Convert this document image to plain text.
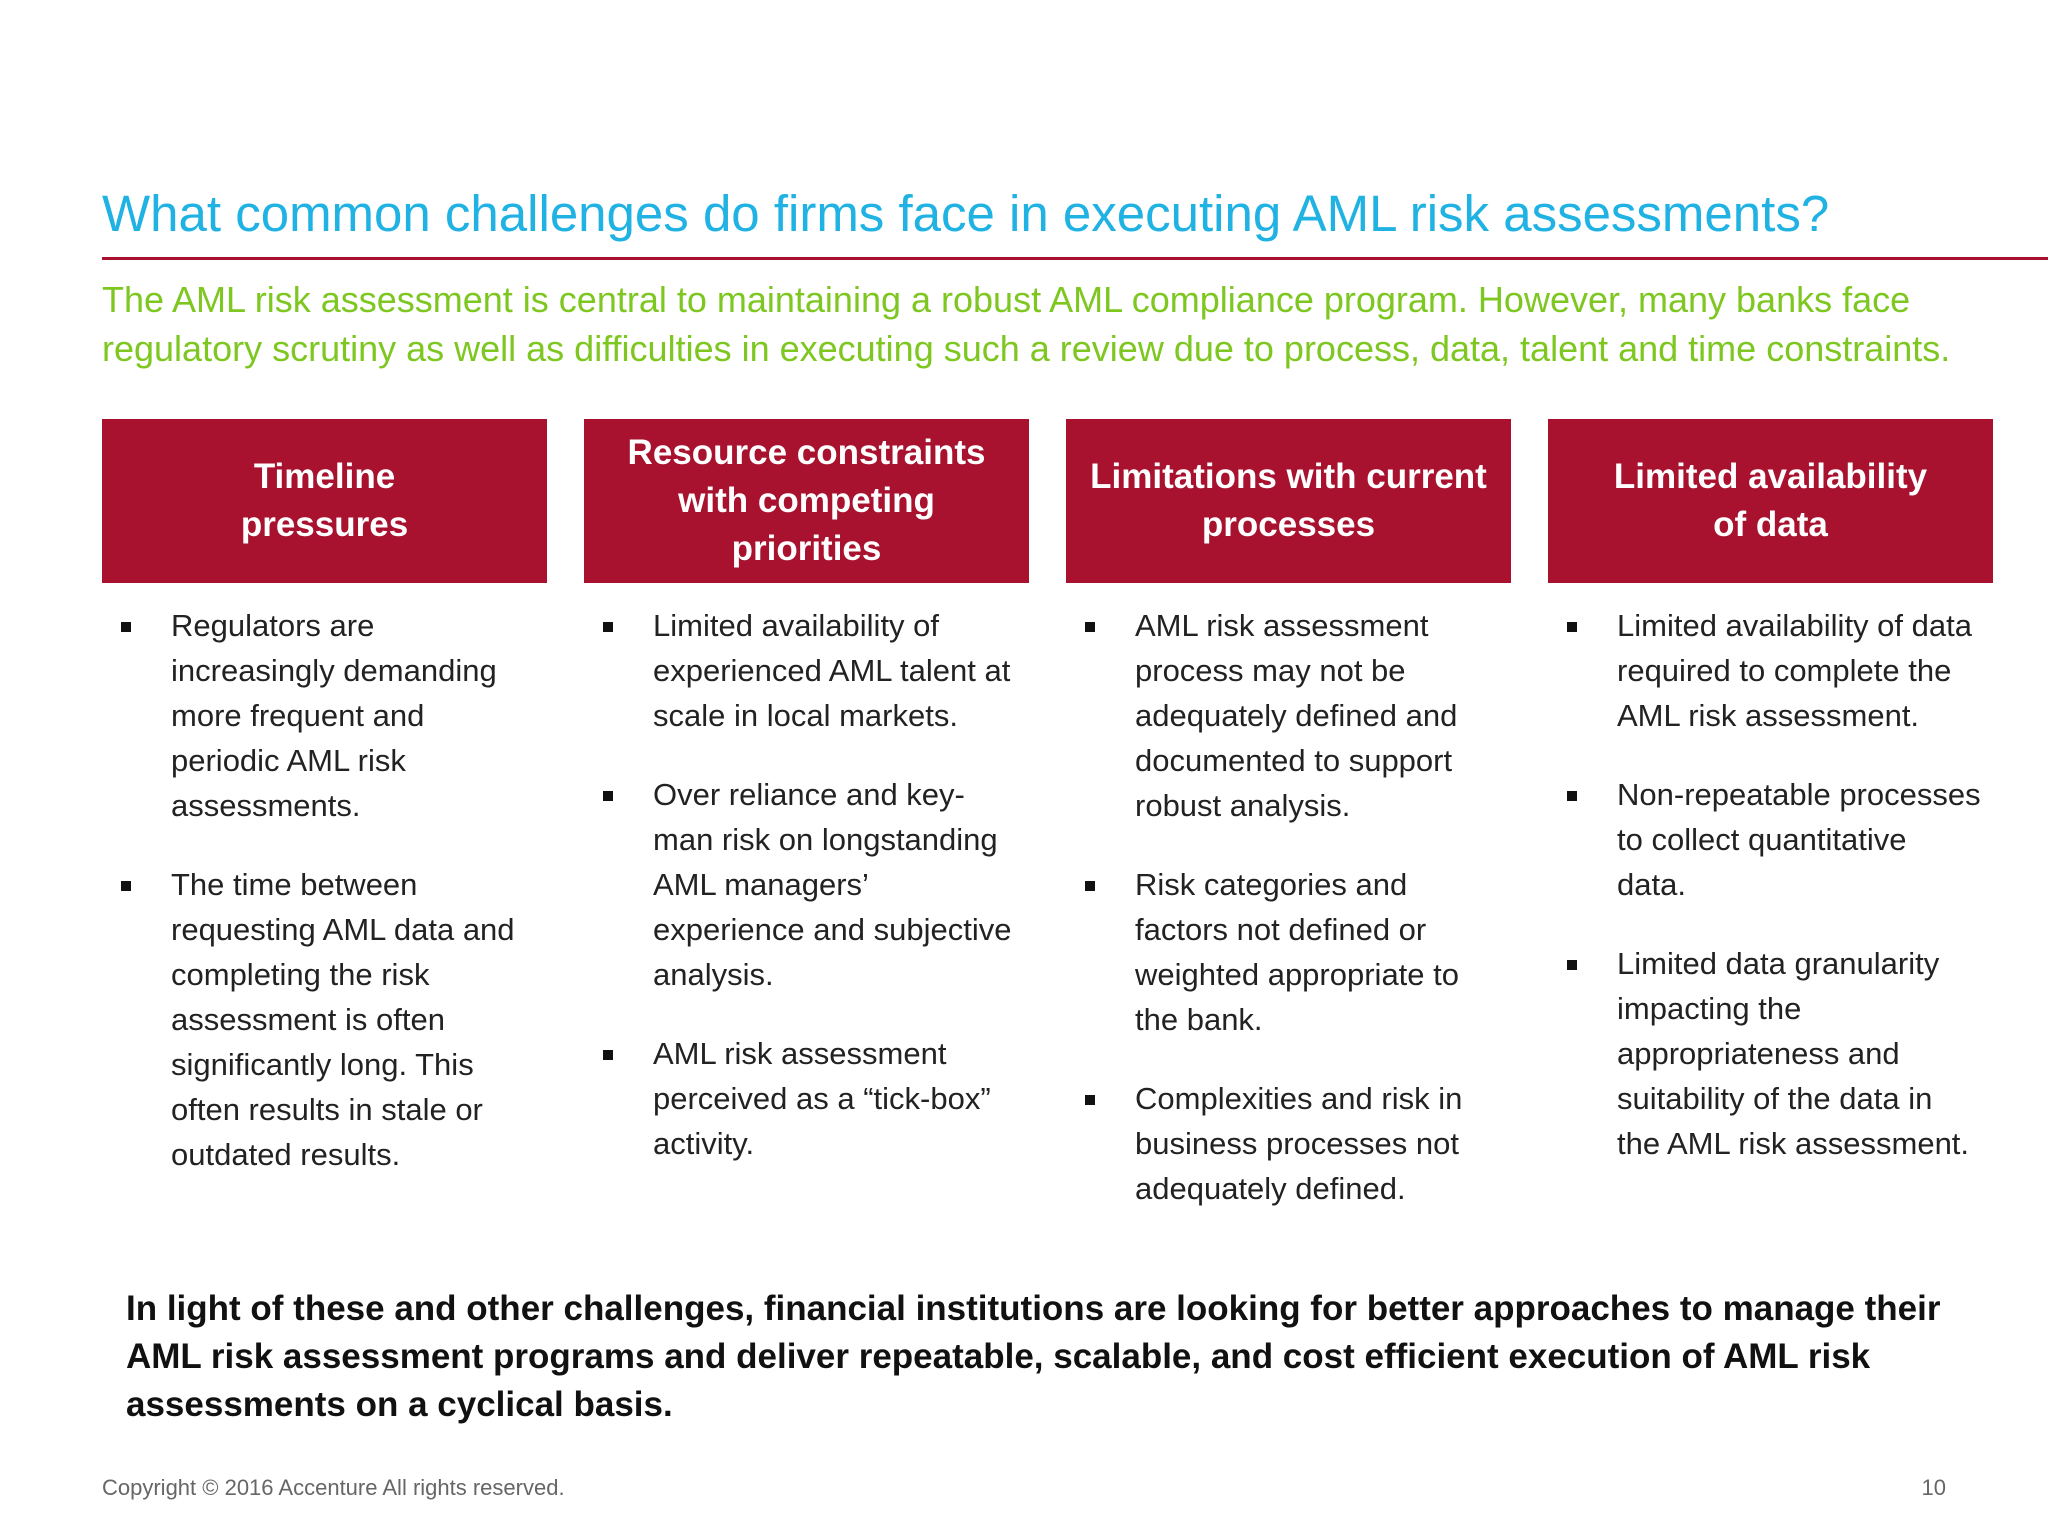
What common challenges do firms face in executing AML risk assessments?
The AML risk assessment is central to maintaining a robust AML compliance program. However, many banks face regulatory scrutiny as well as difficulties in executing such a review due to process, data, talent and time constraints.
Timeline
pressures
Regulators are increasingly demanding more frequent and periodic AML risk assessments.
The time between requesting AML data and completing the risk assessment is often significantly long. This often results in stale or outdated results.
Resource constraints
with competing
priorities
Limited availability of experienced AML talent at scale in local markets.
Over reliance and key-man risk on longstanding AML managers’ experience and subjective analysis.
AML risk assessment perceived as a “tick-box” activity.
Limitations with current
processes
AML risk assessment process may not be adequately defined and documented to support robust analysis.
Risk categories and factors not defined or weighted appropriate to the bank.
Complexities and risk in business processes not adequately defined.
Limited availability
of data
Limited availability of data required to complete the AML risk assessment.
Non-repeatable processes to collect quantitative data.
Limited data granularity impacting the appropriateness and suitability of the data in the AML risk assessment.
In light of these and other challenges, financial institutions are looking for better approaches to manage their AML risk assessment programs and deliver repeatable, scalable, and cost efficient execution of AML risk assessments on a cyclical basis.
Copyright © 2016 Accenture All rights reserved.	10
